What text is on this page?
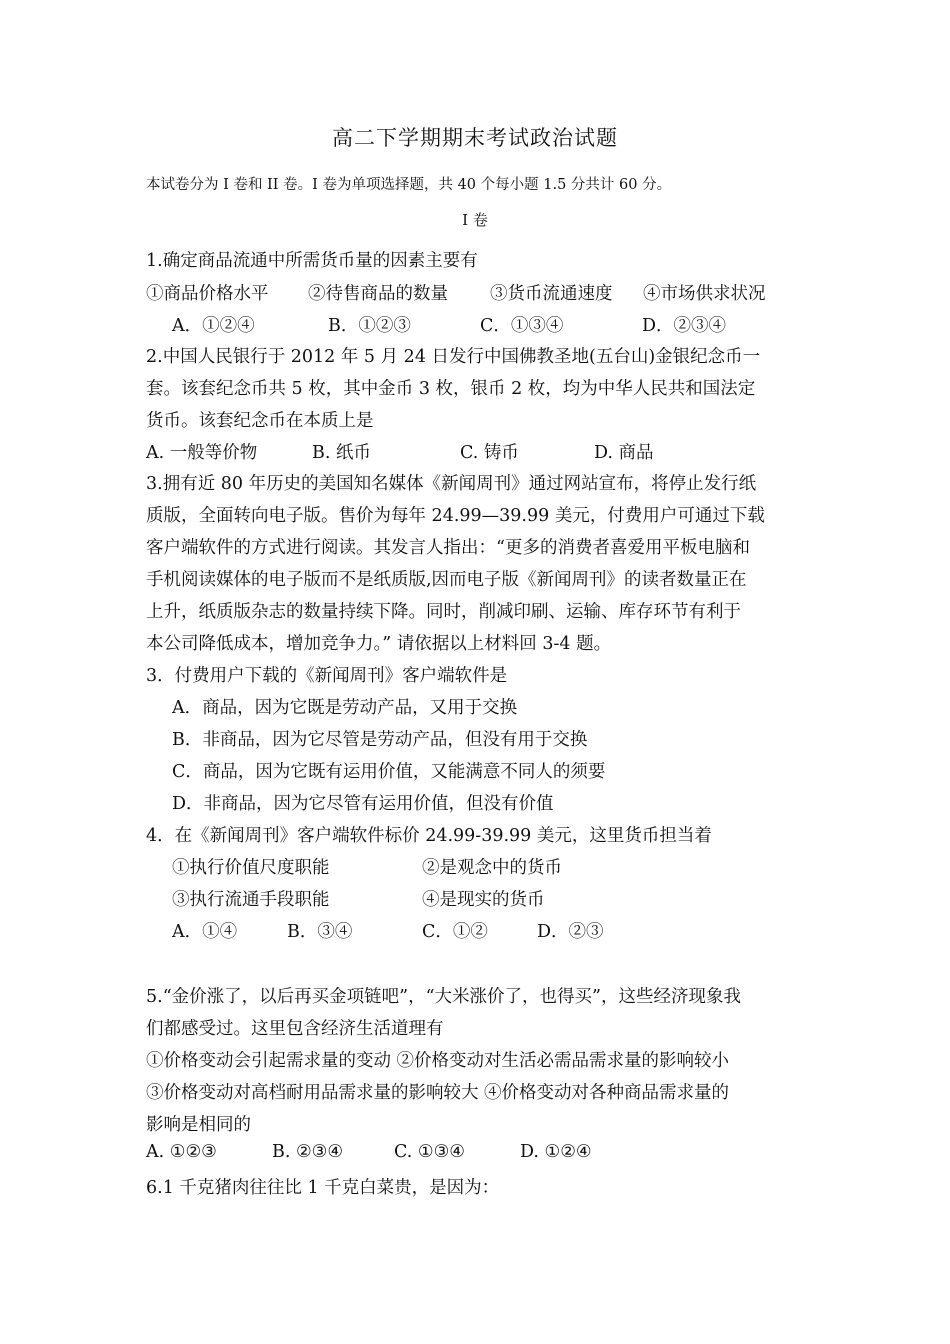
高二下学期期末考试政治试题
本试卷分为 I 卷和 II 卷。I 卷为单项选择题，共 40 个每小题 1.5 分共计 60 分。
I 卷
1.确定商品流通中所需货币量的因素主要有
①商品价格水平 ②待售商品的数量 ③货币流通速度 ④市场供求状况
A．①②④	B．①②③	C．①③④	D．②③④
2.中国人民银行于 2012 年 5 月 24 日发行中国佛教圣地(五台山)金银纪念币一
套。该套纪念币共 5 枚，其中金币 3 枚，银币 2 枚，均为中华人民共和国法定
货币。该套纪念币在本质上是
A. 一般等价物	B. 纸币	C. 铸币	D. 商品
3.拥有近 80 年历史的美国知名媒体《新闻周刊》通过网站宣布，将停止发行纸
质版，全面转向电子版。售价为每年 24.99—39.99 美元，付费用户可通过下载
客户端软件的方式进行阅读。其发言人指出：“更多的消费者喜爱用平板电脑和
手机阅读媒体的电子版而不是纸质版,因而电子版《新闻周刊》的读者数量正在
上升，纸质版杂志的数量持续下降。同时，削减印刷、运输、库存环节有利于
本公司降低成本，增加竞争力。” 请依据以上材料回 3-4 题。
3．付费用户下载的《新闻周刊》客户端软件是
A．商品，因为它既是劳动产品，又用于交换
B．非商品，因为它尽管是劳动产品，但没有用于交换
C．商品，因为它既有运用价值，又能满意不同人的须要
D．非商品，因为它尽管有运用价值，但没有价值
4．在《新闻周刊》客户端软件标价 24.99-39.99 美元，这里货币担当着
①执行价值尺度职能	②是观念中的货币
③执行流通手段职能	④是现实的货币
A．①④	B．③④	C．①②	D．②③
5.“金价涨了，以后再买金项链吧”，“大米涨价了，也得买”，这些经济现象我
们都感受过。这里包含经济生活道理有
①价格变动会引起需求量的变动 ②价格变动对生活必需品需求量的影响较小
③价格变动对高档耐用品需求量的影响较大 ④价格变动对各种商品需求量的
影响是相同的
A. ①②③	B. ②③④	C. ①③④	D. ①②④
6.1 千克猪肉往往比 1 千克白菜贵，是因为：
